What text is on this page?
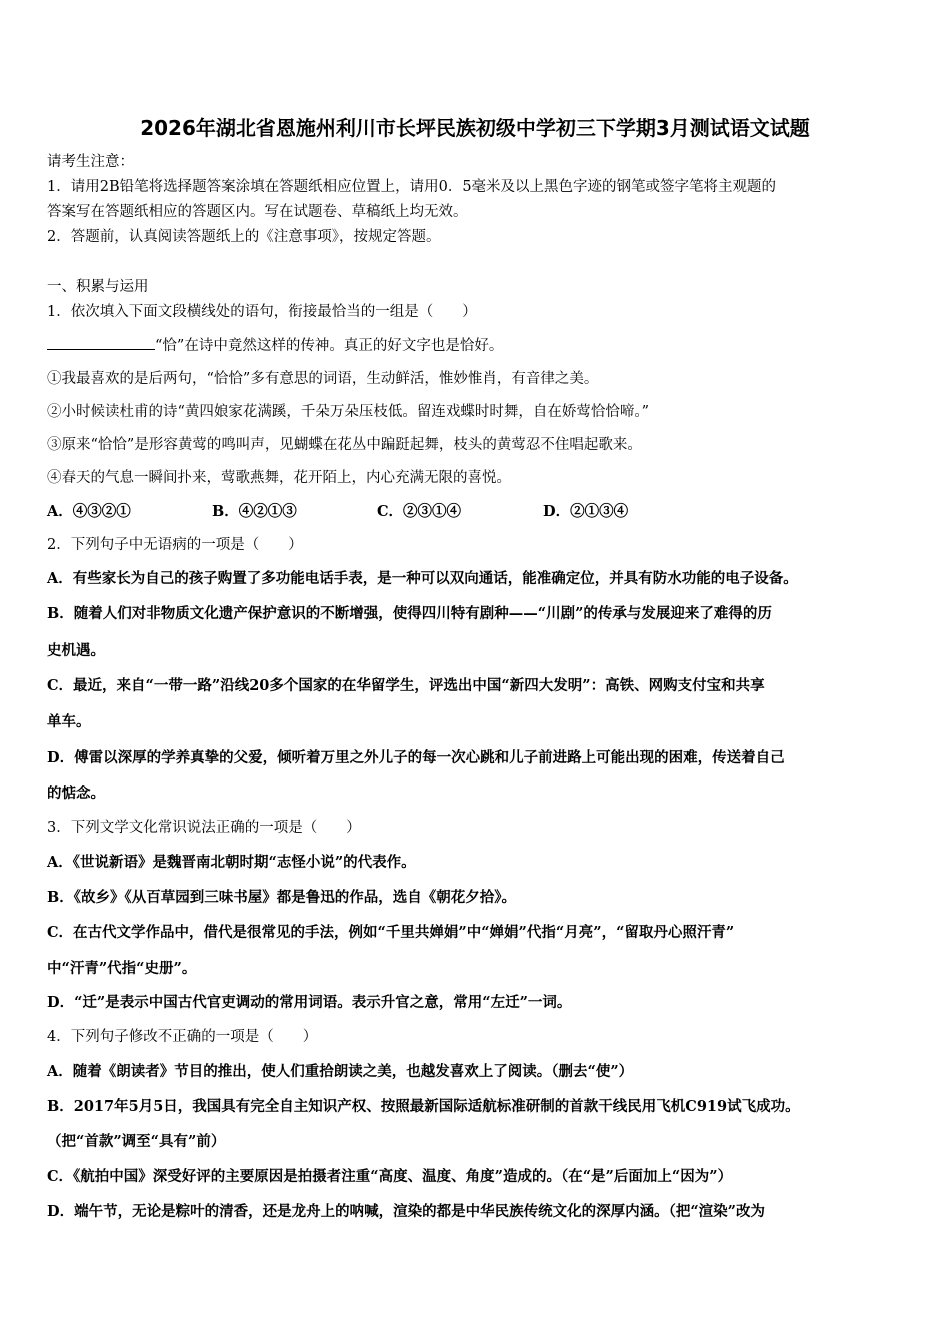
2026年湖北省恩施州利川市长坪民族初级中学初三下学期3月测试语文试题
请考生注意：
1．请用2B铅笔将选择题答案涂填在答题纸相应位置上，请用0．5毫米及以上黑色字迹的钢笔或签字笔将主观题的
答案写在答题纸相应的答题区内。写在试题卷、草稿纸上均无效。
2．答题前，认真阅读答题纸上的《注意事项》，按规定答题。
一、积累与运用
1．依次填入下面文段横线处的语句，衔接最恰当的一组是（　　）
“恰”在诗中竟然这样的传神。真正的好文字也是恰好。
①我最喜欢的是后两句，“恰恰”多有意思的词语，生动鲜活，惟妙惟肖，有音律之美。
②小时候读杜甫的诗“黄四娘家花满蹊，千朵万朵压枝低。留连戏蝶时时舞，自在娇莺恰恰啼。”
③原来“恰恰”是形容黄莺的鸣叫声，见蝴蝶在花丛中蹁跹起舞，枝头的黄莺忍不住唱起歌来。
④春天的气息一瞬间扑来，莺歌燕舞，花开陌上，内心充满无限的喜悦。
A．④③②①	B．④②①③	C．②③①④	D．②①③④
2．下列句子中无语病的一项是（　　）
A．有些家长为自己的孩子购置了多功能电话手表，是一种可以双向通话，能准确定位，并具有防水功能的电子设备。
B．随着人们对非物质文化遗产保护意识的不断增强，使得四川特有剧种——“川剧”的传承与发展迎来了难得的历
史机遇。
C．最近，来自“一带一路”沿线20多个国家的在华留学生，评选出中国“新四大发明”：高铁、网购支付宝和共享
单车。
D．傅雷以深厚的学养真挚的父爱，倾听着万里之外儿子的每一次心跳和儿子前进路上可能出现的困难，传送着自己
的惦念。
3．下列文学文化常识说法正确的一项是（　　）
A．《世说新语》是魏晋南北朝时期“志怪小说”的代表作。
B．《故乡》《从百草园到三味书屋》都是鲁迅的作品，选自《朝花夕拾》。
C．在古代文学作品中，借代是很常见的手法，例如“千里共婵娟”中“婵娟”代指“月亮”，“留取丹心照汗青”
中“汗青”代指“史册”。
D．“迁”是表示中国古代官吏调动的常用词语。表示升官之意，常用“左迁”一词。
4．下列句子修改不正确的一项是（　　）
A．随着《朗读者》节目的推出，使人们重拾朗读之美，也越发喜欢上了阅读。（删去“使”）
B．2017年5月5日，我国具有完全自主知识产权、按照最新国际适航标准研制的首款干线民用飞机C919试飞成功。
（把“首款”调至“具有”前）
C．《航拍中国》深受好评的主要原因是拍摄者注重“高度、温度、角度”造成的。（在“是”后面加上“因为”）
D．端午节，无论是粽叶的清香，还是龙舟上的呐喊，渲染的都是中华民族传统文化的深厚内涵。（把“渲染”改为
